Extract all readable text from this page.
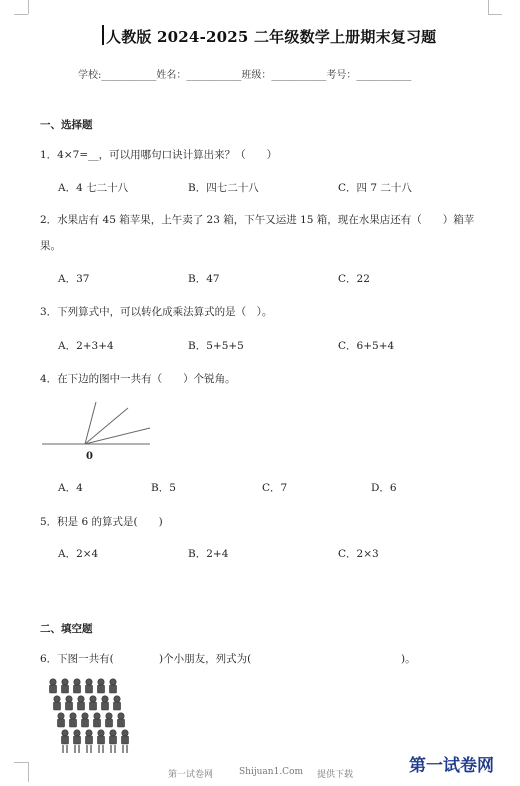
人教版 2024-2025 二年级数学上册期末复习题
学校:___________姓名：___________班级：___________考号：___________
一、选择题
1．4×7=__，可以用哪句口诀计算出来？（　　）
A．4 七二十八	B．四七二十八	C．四 7 二十八
2．水果店有 45 箱苹果，上午卖了 23 箱，下午又运进 15 箱，现在水果店还有（　　）箱苹
果。
A．37	B．47	C．22
3．下列算式中，可以转化成乘法算式的是（　）。
A．2+3+4	B．5+5+5	C．6+5+4
4．在下边的图中一共有（　　）个锐角。
0
A．4	B．5	C．7	D．6
5．积是 6 的算式是(　　)
A．2×4	B．2+4	C．2×3
二、填空题
6．下图一共有(	)个小朋友，列式为(	)。
第一试卷网	Shijuan1.Com 提供下载	第一试卷网
